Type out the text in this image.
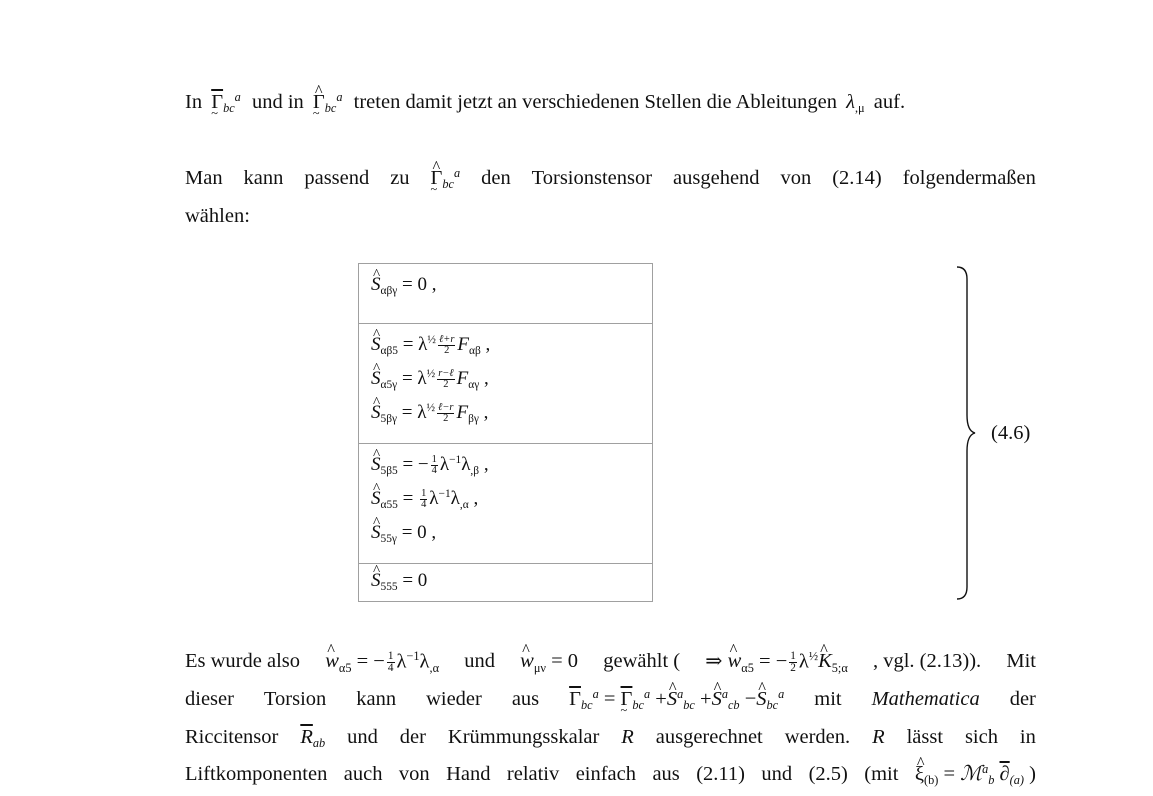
In $\overline{\Gamma}$ $\sim_{bc}^a$ und in ^ Γ $\sim_{bc}^a$ treten damit jetzt an verschiedenen Stellen die Ableitungen $\lambda_{,\mu}$ auf.
Man kann passend zu ^ Γ $\sim_{bc}^a$ den Torsionstensor ausgehend von (2.14) folgendermaßen
wählen:
^ $S_{\alpha\beta\gamma} = 0$ ,
^ $S_{\alpha\beta 5} = \lambda^{\frac{1}{2}} \frac{\text{ℓ+r}}{2} F_{\alpha\beta}$ ,
^ $S_{\alpha 5\gamma} = \lambda^{\frac{1}{2}} \frac{\text{r−ℓ}}{2} F_{\alpha\gamma}$ ,
^ $S_{5\beta\gamma} = \lambda^{\frac{1}{2}} \frac{\text{ℓ−r}}{2} F_{\beta\gamma}$ ,
^ $S_{5\beta 5}$ = − $\frac{1}{4} \lambda^{-1}\lambda_{,\beta}$ ,
^ $S_{\alpha 55} = \frac{1}{4} \lambda^{-1}\lambda_{,\alpha}$ ,
^ $S_{55\gamma} = 0$ ,
^ $S_{555} = 0$
(4.6)
Es wurde also ^ $w_{\alpha 5}$ = − $\frac{1}{4} \lambda^{-1}\lambda_{,\alpha}$ und ^ $w_{\mu\nu} = 0$ gewählt ( ⇒ ^ $w_{\alpha 5}$ = − $\frac{1}{2}$ $\lambda^{\frac{1}{2}}\^{}$ $K_{5;\alpha}$ , vgl. (2.13)). Mit
dieser Torsion kann wieder aus $\overline{\Gamma}_{bc}^a = \overline{\Gamma}$ $\sim_{bc}^a$ +^ $S^a_{bc}$ +^ $S^a_{cb}$ −^ $S_{bc}^a$ mit Mathematica der
Riccitensor $\overline{R}_{ab}$ und der Krümmungsskalar R ausgerechnet werden. R lässt sich in
Liftkomponenten auch von Hand relativ einfach aus (2.11) und (2.5) (mit ^ $\xi_{(b)}$ = ℳ$^a_b$ $\partial_{(a)}$ )
